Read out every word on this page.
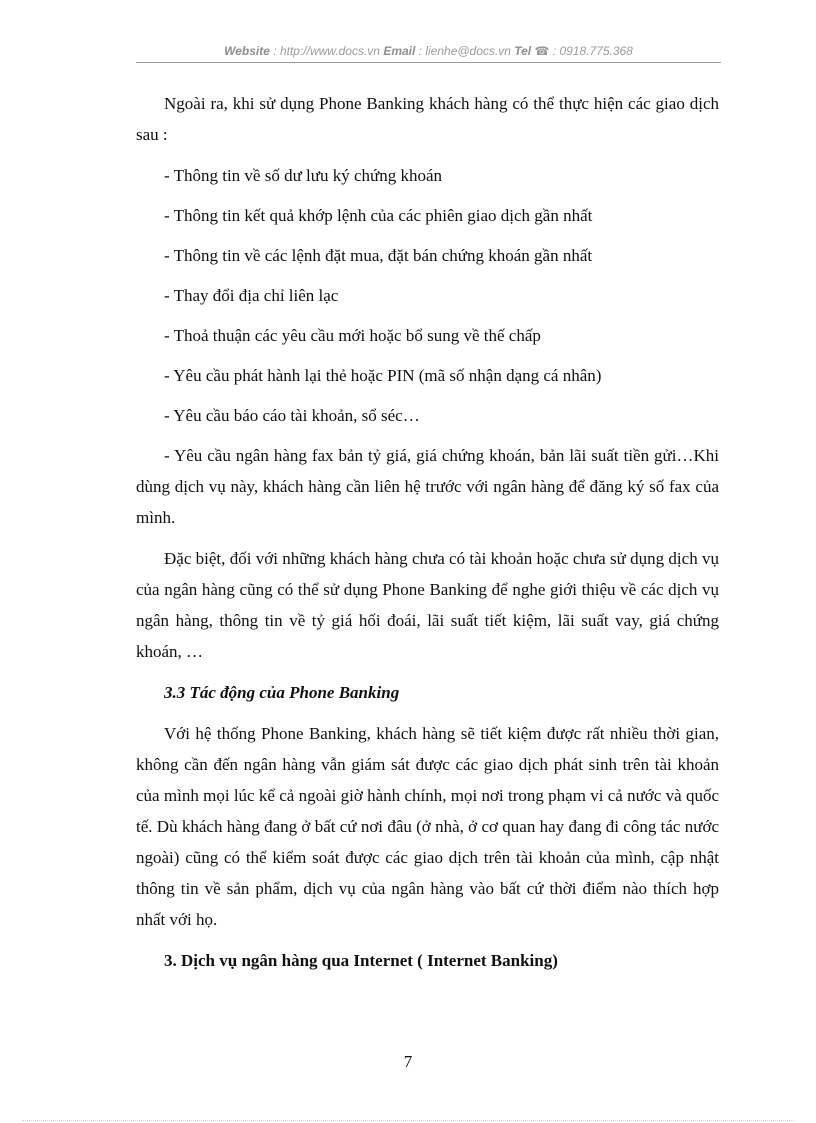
Website : http://www.docs.vn Email : lienhe@docs.vn Tel ☎ : 0918.775.368

Ngoài ra, khi sử dụng Phone Banking khách hàng có thể thực hiện các giao dịch sau :

- Thông tin về số dư lưu ký chứng khoán

- Thông tin kết quả khớp lệnh của các phiên giao dịch gần nhất

- Thông tin về các lệnh đặt mua, đặt bán chứng khoán gần nhất

- Thay đổi địa chỉ liên lạc

- Thoả thuận các yêu cầu mới hoặc bổ sung về thế chấp

- Yêu cầu phát hành lại thẻ hoặc PIN (mã số nhận dạng cá nhân)

- Yêu cầu báo cáo tài khoản, sổ séc…

- Yêu cầu ngân hàng fax bản tỷ giá, giá chứng khoán, bản lãi suất tiền gửi…Khi dùng dịch vụ này, khách hàng cần liên hệ trước với ngân hàng để đăng ký số fax của mình.

Đặc biệt, đối với những khách hàng chưa có tài khoản hoặc chưa sử dụng dịch vụ của ngân hàng cũng có thể sử dụng Phone Banking để nghe giới thiệu về các dịch vụ ngân hàng, thông tin về tỷ giá hối đoái, lãi suất tiết kiệm, lãi suất vay, giá chứng khoán, …

3.3 Tác động của Phone Banking

Với hệ thống Phone Banking, khách hàng sẽ tiết kiệm được rất nhiều thời gian, không cần đến ngân hàng vẫn giám sát được các giao dịch phát sinh trên tài khoản của mình mọi lúc kể cả ngoài giờ hành chính, mọi nơi trong phạm vi cả nước và quốc tế. Dù khách hàng đang ở bất cứ nơi đâu (ở nhà, ở cơ quan hay đang đi công tác nước ngoài) cũng có thể kiểm soát được các giao dịch trên tài khoản của mình, cập nhật thông tin về sản phẩm, dịch vụ của ngân hàng vào bất cứ thời điểm nào thích hợp nhất với họ.

3. Dịch vụ ngân hàng qua Internet ( Internet Banking)

7
